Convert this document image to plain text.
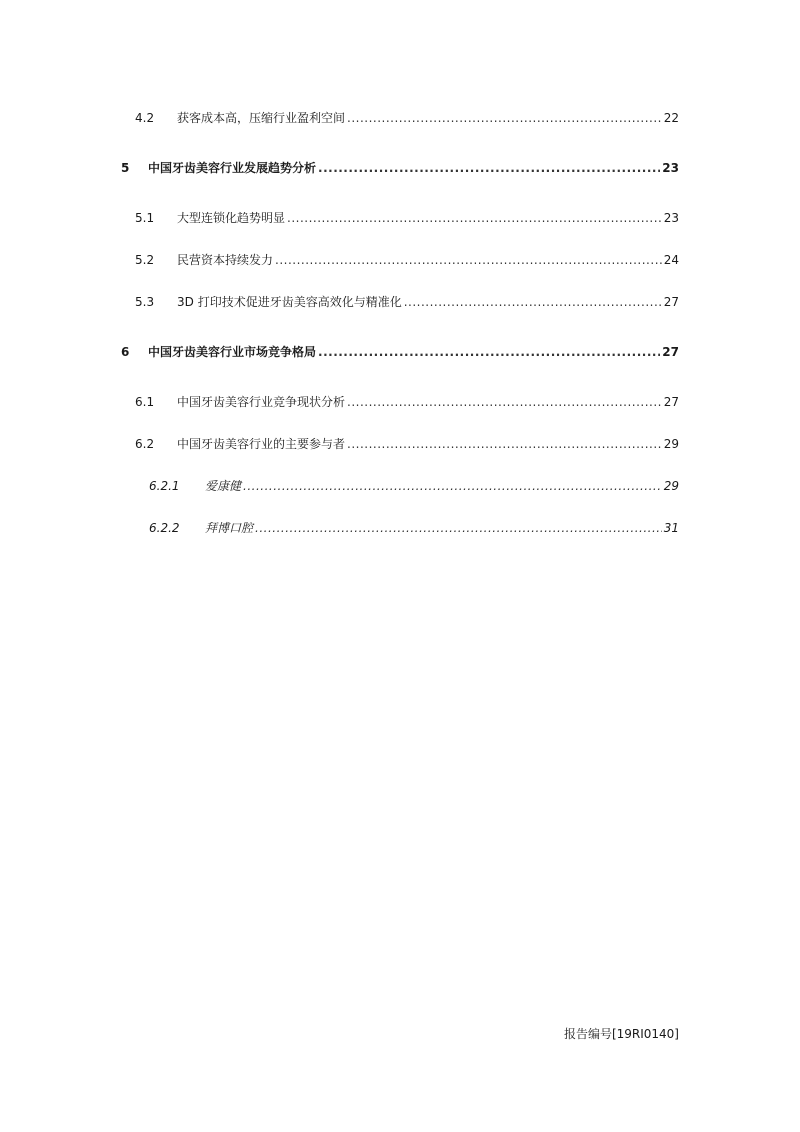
4.2 获客成本高，压缩行业盈利空间 .....	22
5 中国牙齿美容行业发展趋势分析 .....	23
5.1 大型连锁化趋势明显 .....	23
5.2 民营资本持续发力 .....	24
5.3 3D 打印技术促进牙齿美容高效化与精准化 .....	27
6 中国牙齿美容行业市场竞争格局 .....	27
6.1 中国牙齿美容行业竞争现状分析 .....	27
6.2 中国牙齿美容行业的主要参与者 .....	29
6.2.1 爱康健 .....	29
6.2.2 拜博口腔 .....	31
报告编号[19RI0140]
